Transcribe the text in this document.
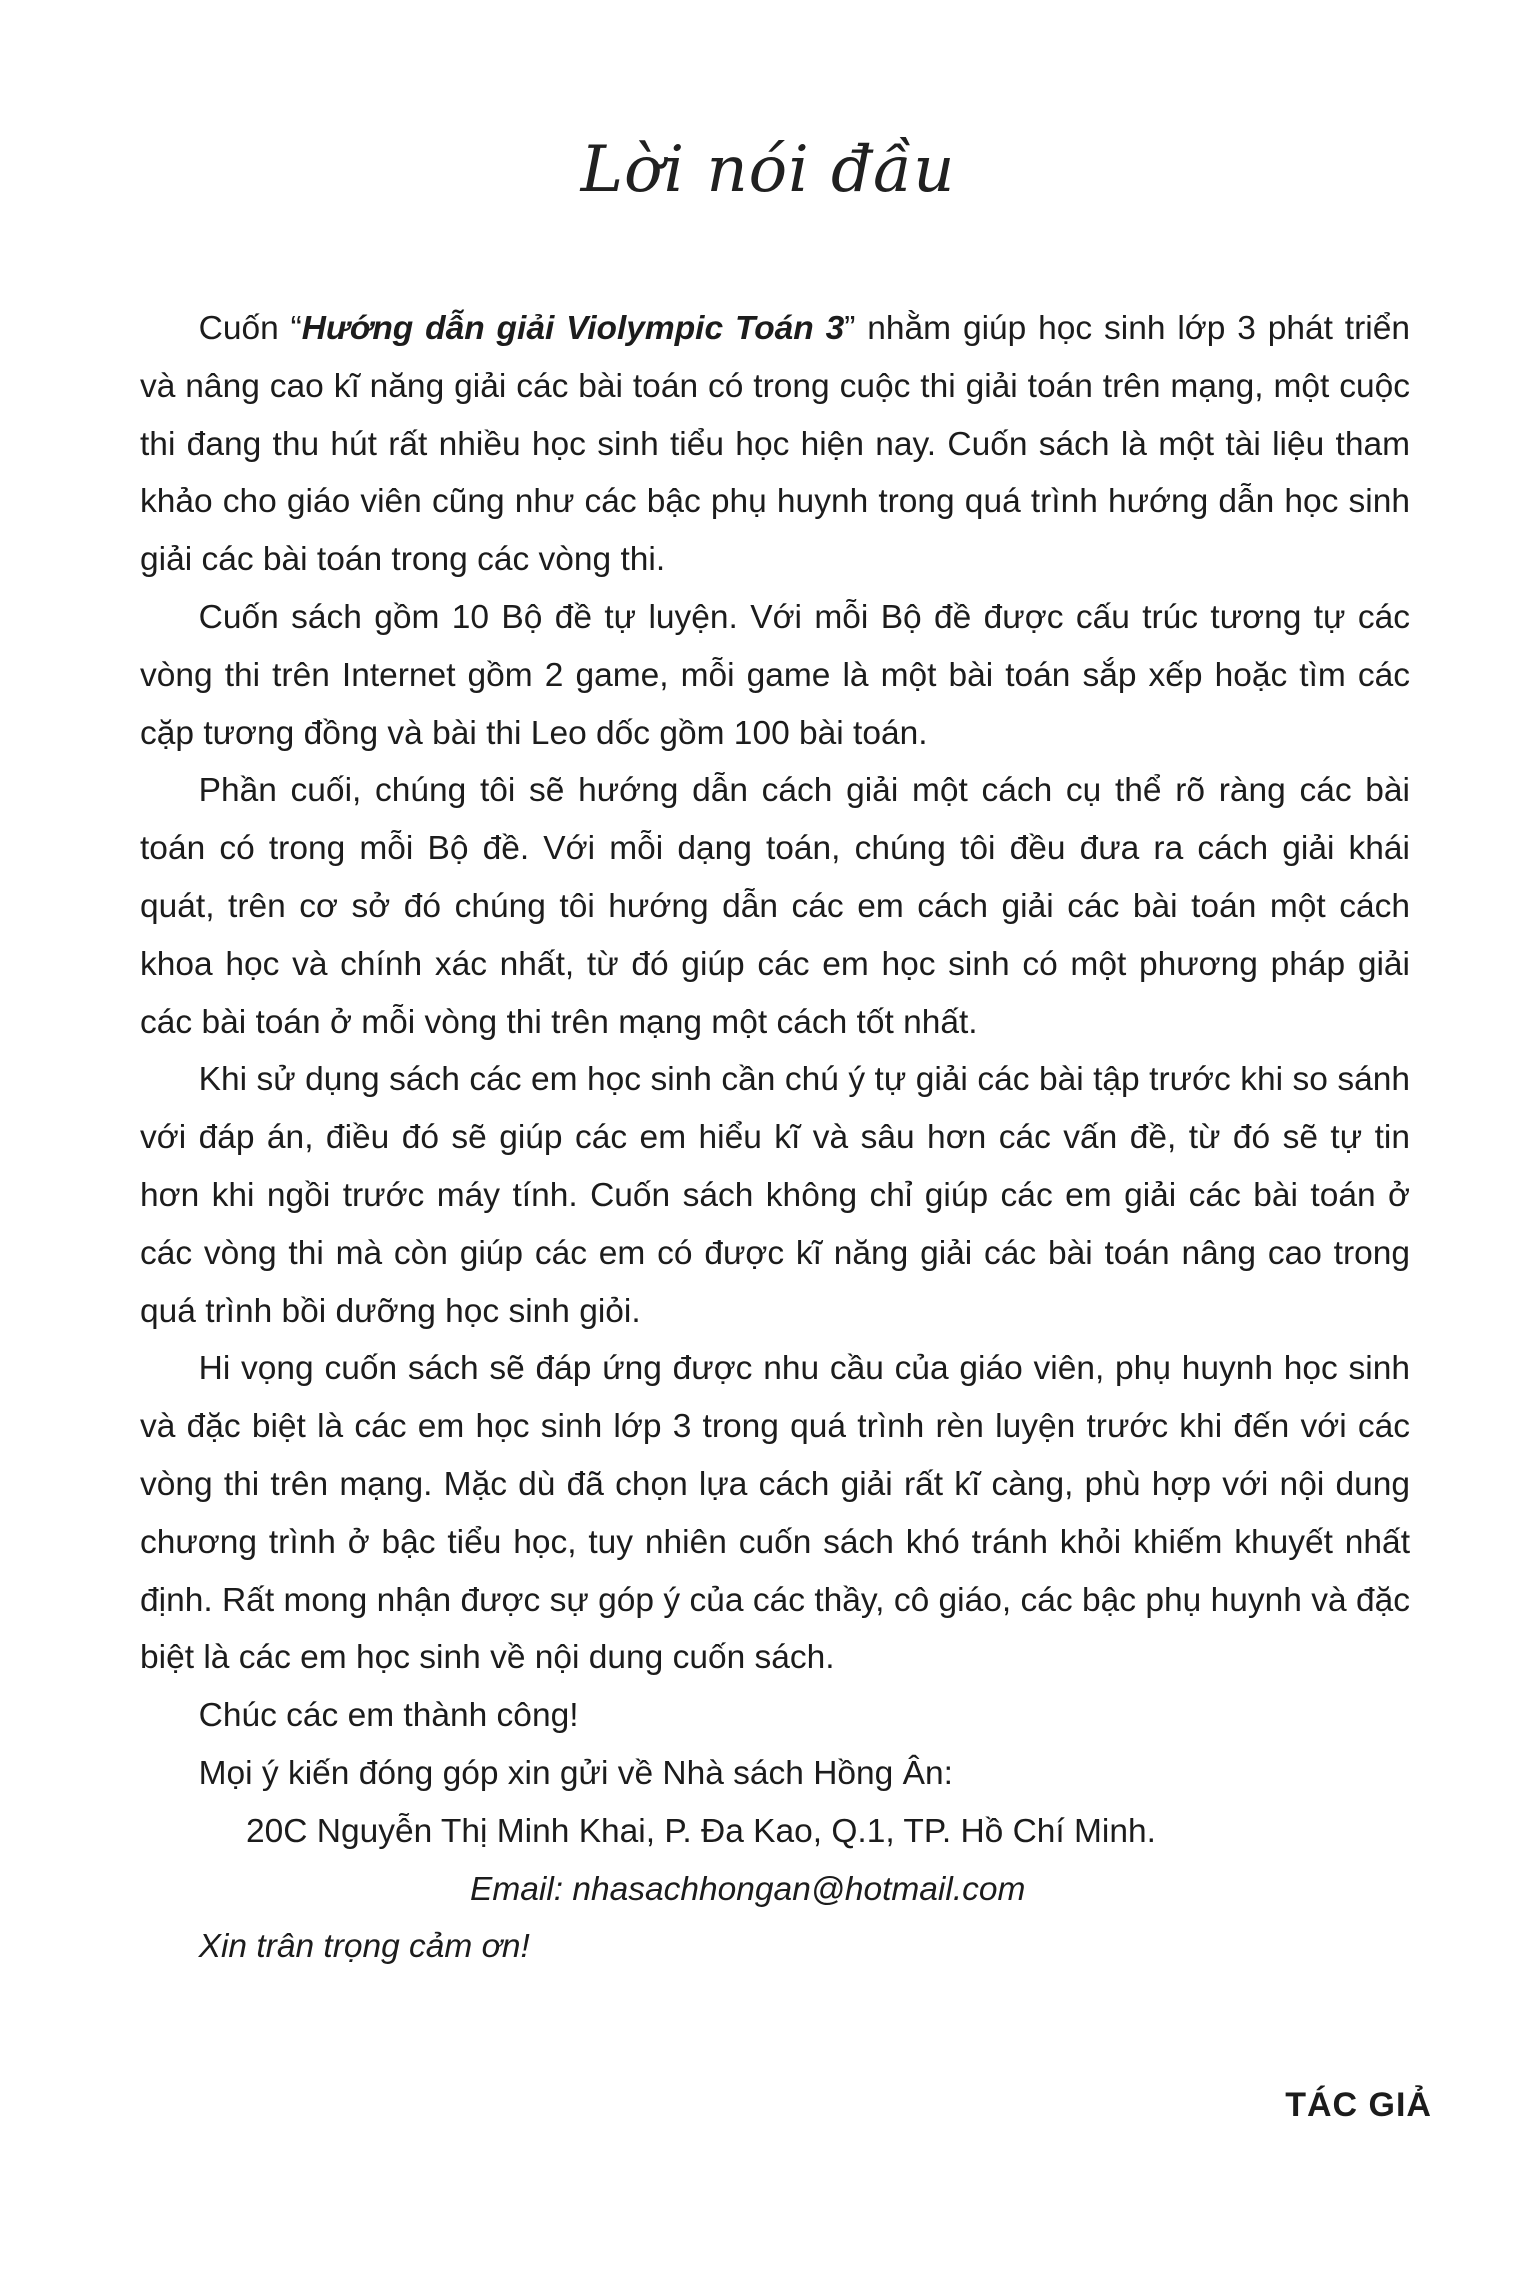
Lời nói đầu

Cuốn “Hướng dẫn giải Violympic Toán 3” nhằm giúp học sinh lớp 3 phát triển và nâng cao kĩ năng giải các bài toán có trong cuộc thi giải toán trên mạng, một cuộc thi đang thu hút rất nhiều học sinh tiểu học hiện nay. Cuốn sách là một tài liệu tham khảo cho giáo viên cũng như các bậc phụ huynh trong quá trình hướng dẫn học sinh giải các bài toán trong các vòng thi.

Cuốn sách gồm 10 Bộ đề tự luyện. Với mỗi Bộ đề được cấu trúc tương tự các vòng thi trên Internet gồm 2 game, mỗi game là một bài toán sắp xếp hoặc tìm các cặp tương đồng và bài thi Leo dốc gồm 100 bài toán.

Phần cuối, chúng tôi sẽ hướng dẫn cách giải một cách cụ thể rõ ràng các bài toán có trong mỗi Bộ đề. Với mỗi dạng toán, chúng tôi đều đưa ra cách giải khái quát, trên cơ sở đó chúng tôi hướng dẫn các em cách giải các bài toán một cách khoa học và chính xác nhất, từ đó giúp các em học sinh có một phương pháp giải các bài toán ở mỗi vòng thi trên mạng một cách tốt nhất.

Khi sử dụng sách các em học sinh cần chú ý tự giải các bài tập trước khi so sánh với đáp án, điều đó sẽ giúp các em hiểu kĩ và sâu hơn các vấn đề, từ đó sẽ tự tin hơn khi ngồi trước máy tính. Cuốn sách không chỉ giúp các em giải các bài toán ở các vòng thi mà còn giúp các em có được kĩ năng giải các bài toán nâng cao trong quá trình bồi dưỡng học sinh giỏi.

Hi vọng cuốn sách sẽ đáp ứng được nhu cầu của giáo viên, phụ huynh học sinh và đặc biệt là các em học sinh lớp 3 trong quá trình rèn luyện trước khi đến với các vòng thi trên mạng. Mặc dù đã chọn lựa cách giải rất kĩ càng, phù hợp với nội dung chương trình ở bậc tiểu học, tuy nhiên cuốn sách khó tránh khỏi khiếm khuyết nhất định. Rất mong nhận được sự góp ý của các thầy, cô giáo, các bậc phụ huynh và đặc biệt là các em học sinh về nội dung cuốn sách.

Chúc các em thành công!
Mọi ý kiến đóng góp xin gửi về Nhà sách Hồng Ân:
20C Nguyễn Thị Minh Khai, P. Đa Kao, Q.1, TP. Hồ Chí Minh.
Email: nhasachhongan@hotmail.com
Xin trân trọng cảm ơn!
TÁC GIẢ
